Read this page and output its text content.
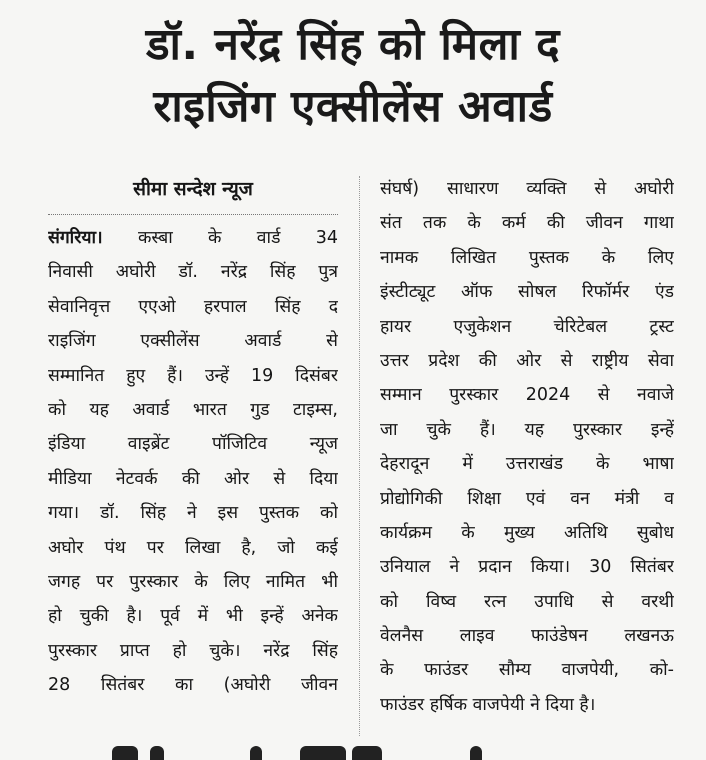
डॉ. नरेंद्र सिंह को मिला द
राइजिंग एक्सीलेंस अवार्ड
सीमा सन्देश न्यूज
संगरिया। कस्बा के वार्ड 34
निवासी अघोरी डॉ. नरेंद्र सिंह पुत्र
सेवानिवृत्त एएओ हरपाल सिंह द
राइजिंग एक्सीलेंस अवार्ड से
सम्मानित हुए हैं। उन्हें 19 दिसंबर
को यह अवार्ड भारत गुड टाइम्स,
इंडिया वाइब्रेंट पॉजिटिव न्यूज
मीडिया नेटवर्क की ओर से दिया
गया। डॉ. सिंह ने इस पुस्तक को
अघोर पंथ पर लिखा है, जो कई
जगह पर पुरस्कार के लिए नामित भी
हो चुकी है। पूर्व में भी इन्हें अनेक
पुरस्कार प्राप्त हो चुके। नरेंद्र सिंह
28 सितंबर का (अघोरी जीवन
संघर्ष) साधारण व्यक्ति से अघोरी
संत तक के कर्म की जीवन गाथा
नामक लिखित पुस्तक के लिए
इंस्टीट्यूट ऑफ सोषल रिफॉर्मर एंड
हायर एजुकेशन चेरिटेबल ट्रस्ट
उत्तर प्रदेश की ओर से राष्ट्रीय सेवा
सम्मान पुरस्कार 2024 से नवाजे
जा चुके हैं। यह पुरस्कार इन्हें
देहरादून में उत्तराखंड के भाषा
प्रोद्योगिकी शिक्षा एवं वन मंत्री व
कार्यक्रम के मुख्य अतिथि सुबोध
उनियाल ने प्रदान किया। 30 सितंबर
को विष्व रत्न उपाधि से वरथी
वेलनैस लाइव फाउंडेषन लखनऊ
के फाउंडर सौम्य वाजपेयी, को-
फाउंडर हर्षिक वाजपेयी ने दिया है।
